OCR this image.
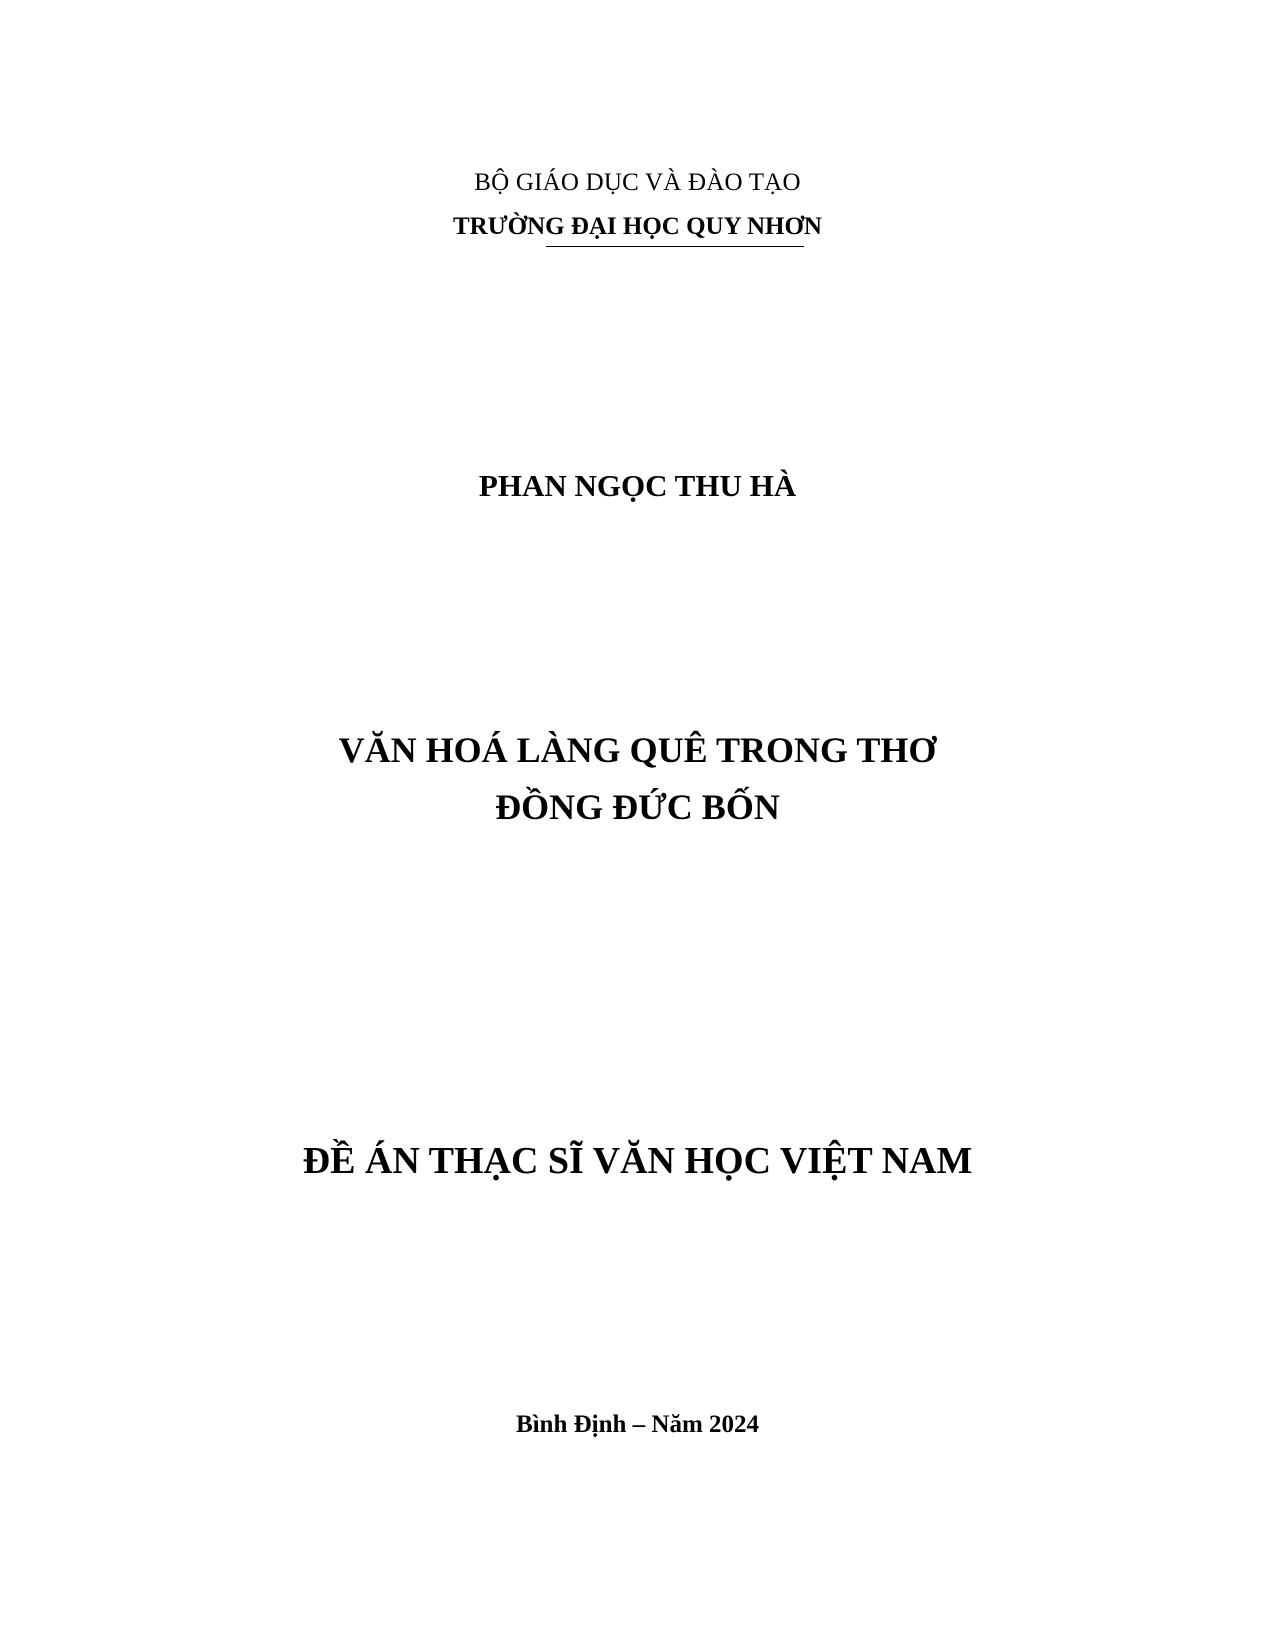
BỘ GIÁO DỤC VÀ ĐÀO TẠO
TRƯỜNG ĐẠI HỌC QUY NHƠN
PHAN NGỌC THU HÀ
VĂN HOÁ LÀNG QUÊ TRONG THƠ
ĐỒNG ĐỨC BỐN
ĐỀ ÁN THẠC SĨ VĂN HỌC VIỆT NAM
Bình Định – Năm 2024
